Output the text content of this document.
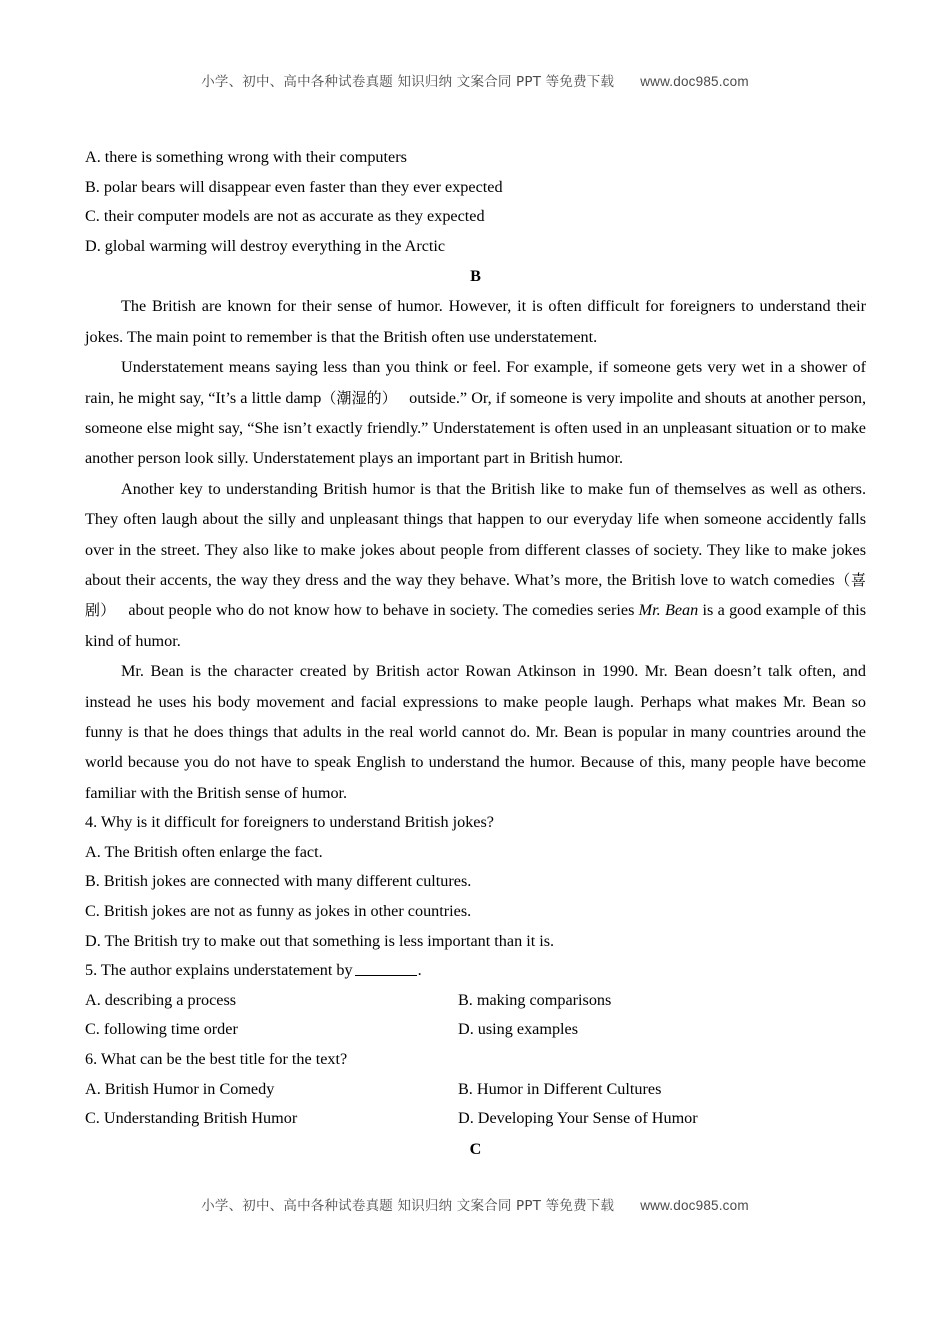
小学、初中、高中各种试卷真题 知识归纳 文案合同 PPT 等免费下载 www.doc985.com
A. there is something wrong with their computers
B. polar bears will disappear even faster than they ever expected
C. their computer models are not as accurate as they expected
D. global warming will destroy everything in the Arctic
B

The British are known for their sense of humor. However, it is often difficult for foreigners to understand their jokes. The main point to remember is that the British often use understatement.

Understatement means saying less than you think or feel. For example, if someone gets very wet in a shower of rain, he might say, “It’s a little damp（潮湿的） outside.” Or, if someone is very impolite and shouts at another person, someone else might say, “She isn’t exactly friendly.” Understatement is often used in an unpleasant situation or to make another person look silly. Understatement plays an important part in British humor.

Another key to understanding British humor is that the British like to make fun of themselves as well as others. They often laugh about the silly and unpleasant things that happen to our everyday life when someone accidently falls over in the street. They also like to make jokes about people from different classes of society. They like to make jokes about their accents, the way they dress and the way they behave. What’s more, the British love to watch comedies（喜剧） about people who do not know how to behave in society. The comedies series Mr. Bean is a good example of this kind of humor.

Mr. Bean is the character created by British actor Rowan Atkinson in 1990. Mr. Bean doesn’t talk often, and instead he uses his body movement and facial expressions to make people laugh. Perhaps what makes Mr. Bean so funny is that he does things that adults in the real world cannot do. Mr. Bean is popular in many countries around the world because you do not have to speak English to understand the humor. Because of this, many people have become familiar with the British sense of humor.

4. Why is it difficult for foreigners to understand British jokes?
A. The British often enlarge the fact.
B. British jokes are connected with many different cultures.
C. British jokes are not as funny as jokes in other countries.
D. The British try to make out that something is less important than it is.
5. The author explains understatement by	.
A. describing a process	B. making comparisons
C. following time order	D. using examples
6. What can be the best title for the text?
A. British Humor in Comedy	B. Humor in Different Cultures
C. Understanding British Humor	D. Developing Your Sense of Humor
C
小学、初中、高中各种试卷真题 知识归纳 文案合同 PPT 等免费下载 www.doc985.com
